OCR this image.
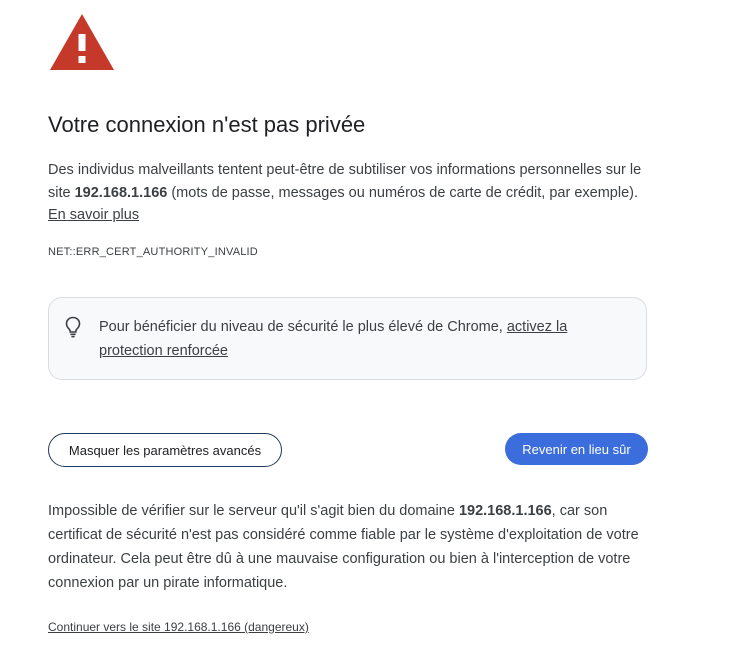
Votre connexion n'est pas privée

Des individus malveillants tentent peut-être de subtiliser vos informations personnelles sur le site 192.168.1.166 (mots de passe, messages ou numéros de carte de crédit, par exemple). En savoir plus

NET::ERR_CERT_AUTHORITY_INVALID

Pour bénéficier du niveau de sécurité le plus élevé de Chrome, activez la protection renforcée

Masquer les paramètres avancés	Revenir en lieu sûr

Impossible de vérifier sur le serveur qu'il s'agit bien du domaine 192.168.1.166, car son certificat de sécurité n'est pas considéré comme fiable par le système d'exploitation de votre ordinateur. Cela peut être dû à une mauvaise configuration ou bien à l'interception de votre connexion par un pirate informatique.

Continuer vers le site 192.168.1.166 (dangereux)
